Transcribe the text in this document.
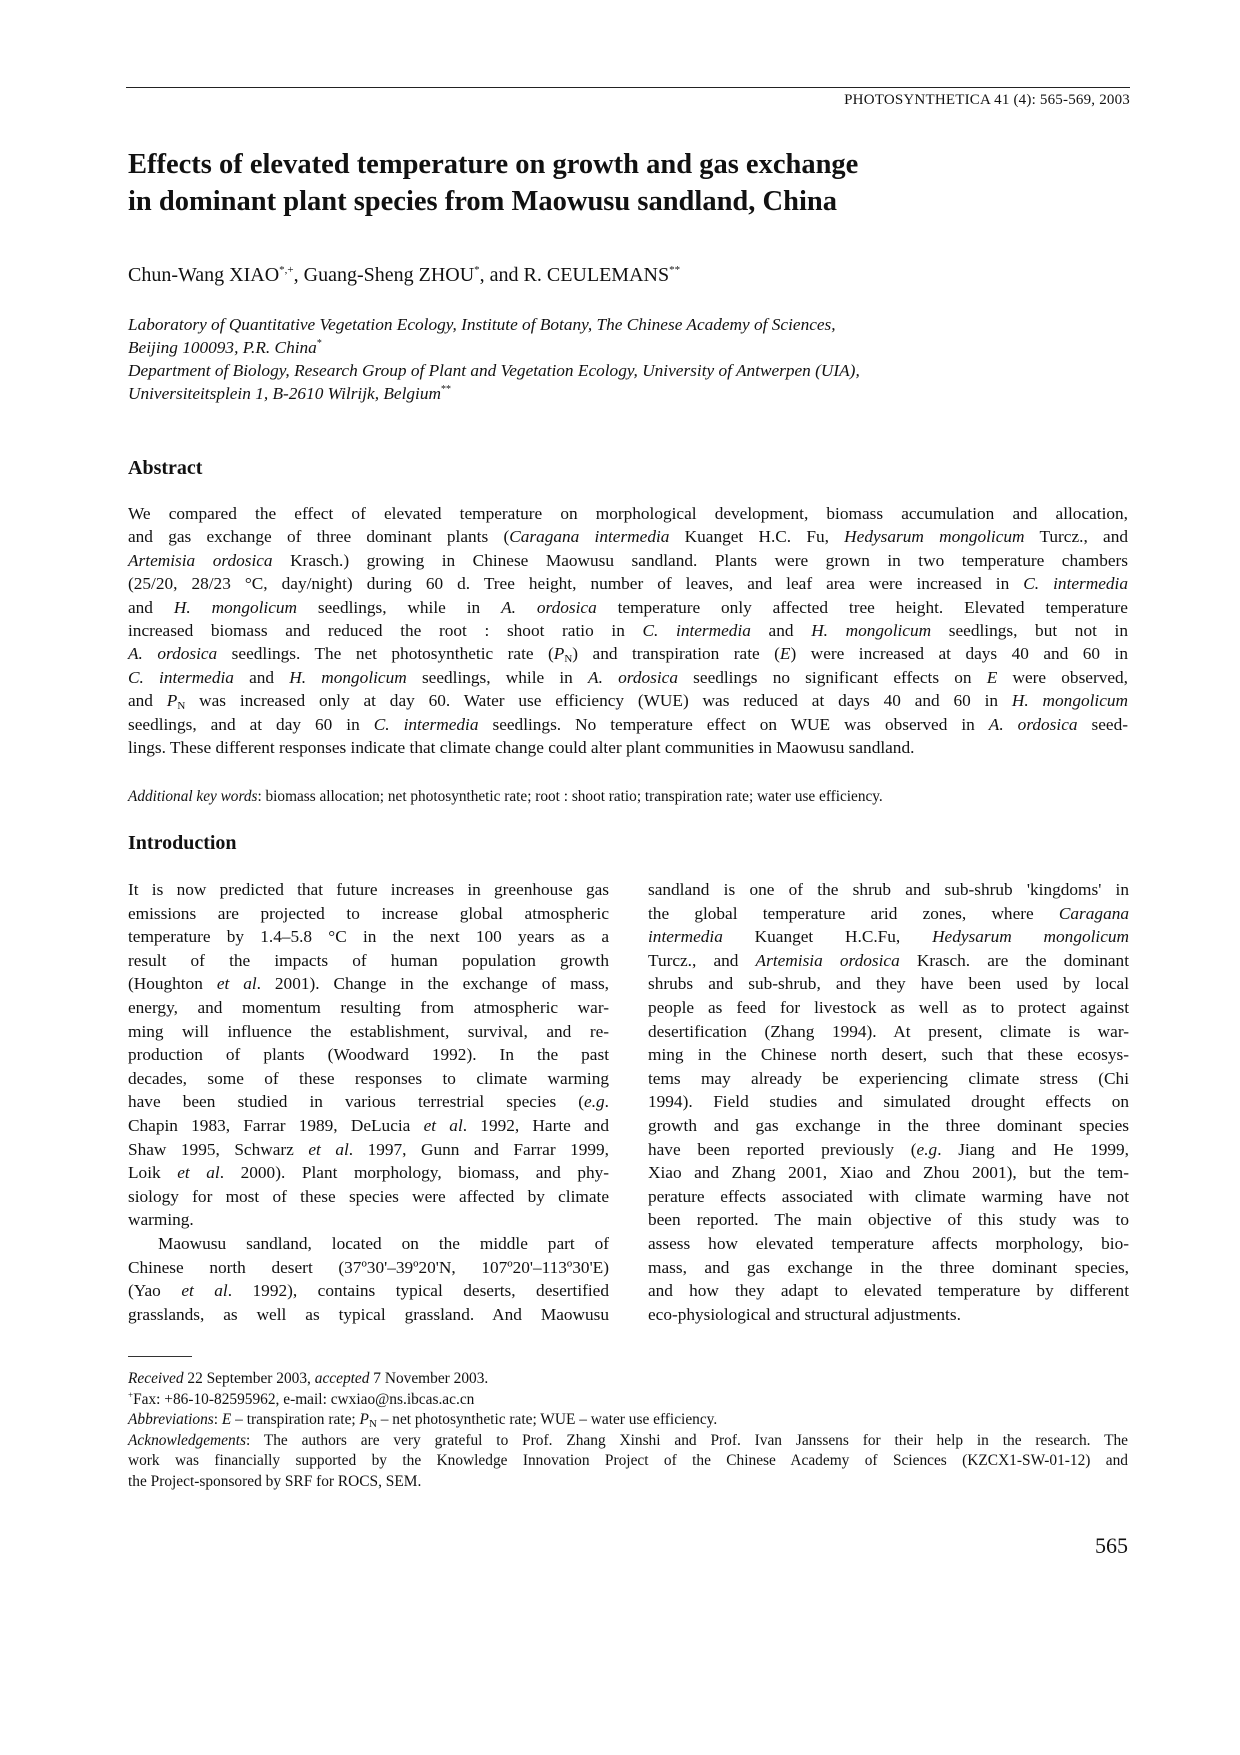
PHOTOSYNTHETICA 41 (4): 565-569, 2003
Effects of elevated temperature on growth and gas exchange
in dominant plant species from Maowusu sandland, China
Chun-Wang XIAO*,+, Guang-Sheng ZHOU*, and R. CEULEMANS**
Laboratory of Quantitative Vegetation Ecology, Institute of Botany, The Chinese Academy of Sciences,
Beijing 100093, P.R. China*
Department of Biology, Research Group of Plant and Vegetation Ecology, University of Antwerpen (UIA),
Universiteitsplein 1, B-2610 Wilrijk, Belgium**
Abstract
We compared the effect of elevated temperature on morphological development, biomass accumulation and allocation,
and gas exchange of three dominant plants (Caragana intermedia Kuanget H.C. Fu, Hedysarum mongolicum Turcz., and
Artemisia ordosica Krasch.) growing in Chinese Maowusu sandland. Plants were grown in two temperature chambers
(25/20, 28/23 °C, day/night) during 60 d. Tree height, number of leaves, and leaf area were increased in C. intermedia
and H. mongolicum seedlings, while in A. ordosica temperature only affected tree height. Elevated temperature
increased biomass and reduced the root : shoot ratio in C. intermedia and H. mongolicum seedlings, but not in
A. ordosica seedlings. The net photosynthetic rate $(P_N)$ and transpiration rate (E) were increased at days 40 and 60 in
C. intermedia and H. mongolicum seedlings, while in A. ordosica seedlings no significant effects on E were observed,
and $P_N$ was increased only at day 60. Water use efficiency (WUE) was reduced at days 40 and 60 in H. mongolicum
seedlings, and at day 60 in C. intermedia seedlings. No temperature effect on WUE was observed in A. ordosica seed-
lings. These different responses indicate that climate change could alter plant communities in Maowusu sandland.
Additional key words: biomass allocation; net photosynthetic rate; root : shoot ratio; transpiration rate; water use efficiency.
Introduction
It is now predicted that future increases in greenhouse gas
emissions are projected to increase global atmospheric
temperature by 1.4–5.8 °C in the next 100 years as a
result of the impacts of human population growth
(Houghton et al. 2001). Change in the exchange of mass,
energy, and momentum resulting from atmospheric war-
ming will influence the establishment, survival, and re-
production of plants (Woodward 1992). In the past
decades, some of these responses to climate warming
have been studied in various terrestrial species (e.g.
Chapin 1983, Farrar 1989, DeLucia et al. 1992, Harte and
Shaw 1995, Schwarz et al. 1997, Gunn and Farrar 1999,
Loik et al. 2000). Plant morphology, biomass, and phy-
siology for most of these species were affected by climate
warming.
Maowusu sandland, located on the middle part of
Chinese north desert (37º30'–39º20'N, 107º20'–113º30'E)
(Yao et al. 1992), contains typical deserts, desertified
grasslands, as well as typical grassland. And Maowusu
sandland is one of the shrub and sub-shrub 'kingdoms' in
the global temperature arid zones, where Caragana
intermedia Kuanget H.C.Fu, Hedysarum mongolicum
Turcz., and Artemisia ordosica Krasch. are the dominant
shrubs and sub-shrub, and they have been used by local
people as feed for livestock as well as to protect against
desertification (Zhang 1994). At present, climate is war-
ming in the Chinese north desert, such that these ecosys-
tems may already be experiencing climate stress (Chi
1994). Field studies and simulated drought effects on
growth and gas exchange in the three dominant species
have been reported previously (e.g. Jiang and He 1999,
Xiao and Zhang 2001, Xiao and Zhou 2001), but the tem-
perature effects associated with climate warming have not
been reported. The main objective of this study was to
assess how elevated temperature affects morphology, bio-
mass, and gas exchange in the three dominant species,
and how they adapt to elevated temperature by different
eco-physiological and structural adjustments.
Received 22 September 2003, accepted 7 November 2003.
+Fax: +86-10-82595962, e-mail: cwxiao@ns.ibcas.ac.cn
Abbreviations: E – transpiration rate; $P_N$ – net photosynthetic rate; WUE – water use efficiency.
Acknowledgements: The authors are very grateful to Prof. Zhang Xinshi and Prof. Ivan Janssens for their help in the research. The
work was financially supported by the Knowledge Innovation Project of the Chinese Academy of Sciences (KZCX1-SW-01-12) and
the Project-sponsored by SRF for ROCS, SEM.
565
